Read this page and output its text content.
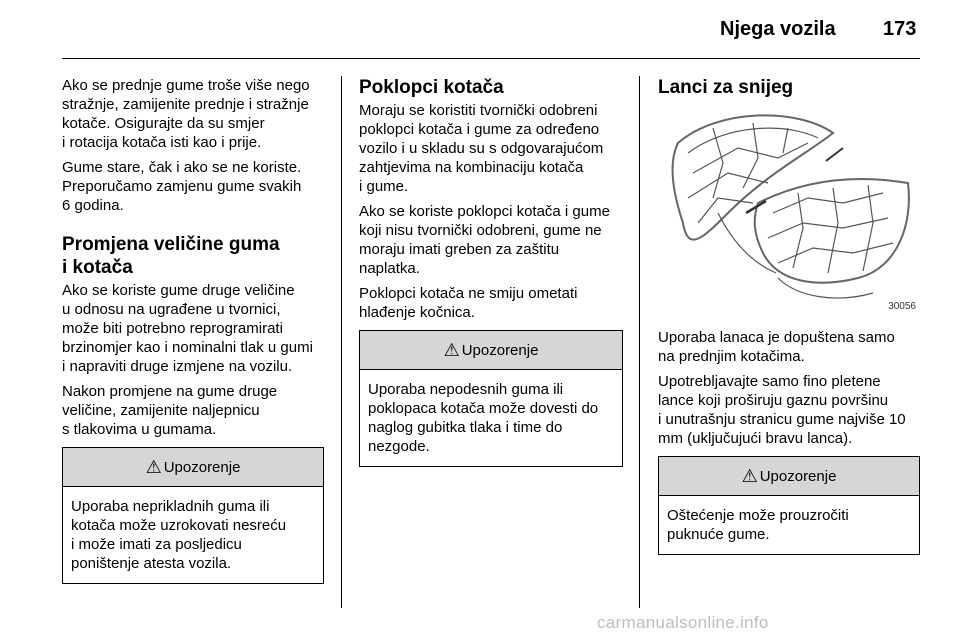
Njega vozila 173

Ako se prednje gume troše više nego
stražnje, zamijenite prednje i stražnje
kotače. Osigurajte da su smjer
i rotacija kotača isti kao i prije.

Gume stare, čak i ako se ne koriste.
Preporučamo zamjenu gume svakih
6 godina.

Promjena veličine guma
i kotača

Ako se koriste gume druge veličine
u odnosu na ugrađene u tvornici,
može biti potrebno reprogramirati
brzinomjer kao i nominalni tlak u gumi
i napraviti druge izmjene na vozilu.

Nakon promjene na gume druge
veličine, zamijenite naljepnicu
s tlakovima u gumama.

⚠ Upozorenje
Uporaba neprikladnih guma ili
kotača može uzrokovati nesreću
i može imati za posljedicu
poništenje atesta vozila.
Poklopci kotača

Moraju se koristiti tvornički odobreni
poklopci kotača i gume za određeno
vozilo i u skladu su s odgovarajućom
zahtjevima na kombinaciju kotača
i gume.

Ako se koriste poklopci kotača i gume
koji nisu tvornički odobreni, gume ne
moraju imati greben za zaštitu
naplatka.

Poklopci kotača ne smiju ometati
hlađenje kočnica.

⚠ Upozorenje
Uporaba nepodesnih guma ili
poklopaca kotača može dovesti do
naglog gubitka tlaka i time do
nezgode.
Lanci za snijeg
30056

Uporaba lanaca je dopuštena samo
na prednjim kotačima.

Upotrebljavajte samo fino pletene
lance koji proširuju gaznu površinu
i unutrašnju stranicu gume najviše 10
mm (uključujući bravu lanca).

⚠ Upozorenje
Oštećenje može prouzročiti
puknuće gume.
carmanualsonline.info
